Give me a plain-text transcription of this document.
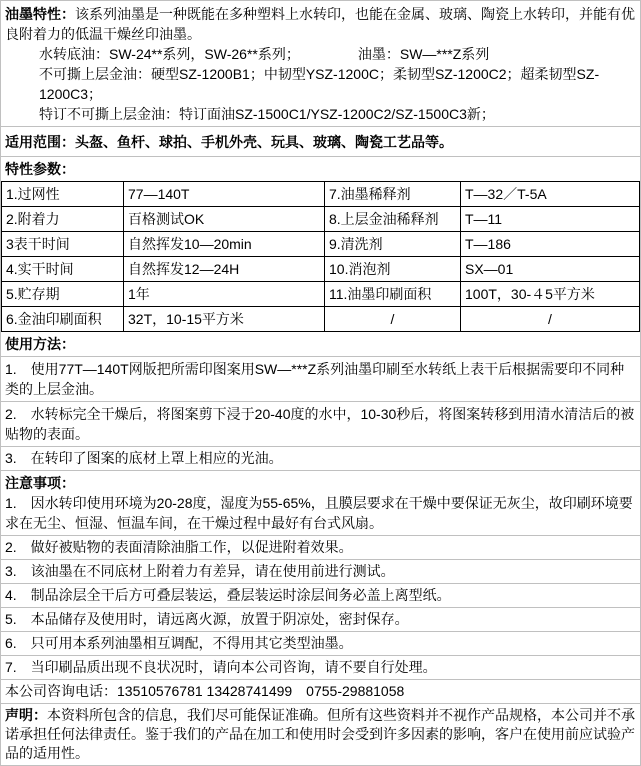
油墨特性：该系列油墨是一种既能在多种塑料上水转印，也能在金属、玻璃、陶瓷上水转印，并能有优良附着力的低温干燥丝印油墨。
水转底油：SW-24**系列，SW-26**系列；	油墨：SW—***Z系列
不可撕上层金油：硬型SZ-1200B1；中韧型YSZ-1200C；柔韧型SZ-1200C2；超柔韧型SZ-1200C3；
特订不可撕上层金油：特订面油SZ-1500C1/YSZ-1200C2/SZ-1500C3新；
适用范围：头盔、鱼杆、球拍、手机外壳、玩具、玻璃、陶瓷工艺品等。
特性参数：
1.过网性	77—140T	7.油墨稀释剂	T—32／T-5A
2.附着力	百格测试OK	8.上层金油稀释剂	T—11
3表干时间	自然挥发10—20min	9.清洗剂	T—186
4.实干时间	自然挥发12—24H	10.消泡剂	SX—01
5.贮存期	1年	11.油墨印刷面积	100T，30-４5平方米
6.金油印刷面积	32T，10-15平方米	/	/
使用方法：
1.　使用77T—140T网版把所需印图案用SW—***Z系列油墨印刷至水转纸上表干后根据需要印不同种类的上层金油。
2.　水转标完全干燥后，将图案剪下浸于20-40度的水中，10-30秒后，将图案转移到用清水清洁后的被贴物的表面。
3.　在转印了图案的底材上罩上相应的光油。
注意事项：
1.　因水转印使用环境为20-28度，湿度为55-65%，且膜层要求在干燥中要保证无灰尘，故印刷环境要求在无尘、恒湿、恒温车间，在干燥过程中最好有台式风扇。
2.　做好被贴物的表面清除油脂工作，以促进附着效果。
3.　该油墨在不同底材上附着力有差异，请在使用前进行测试。
4.　制品涂层全干后方可叠层装运，叠层装运时涂层间务必盖上离型纸。
5.　本品储存及使用时，请远离火源，放置于阴凉处，密封保存。
6.　只可用本系列油墨相互调配，不得用其它类型油墨。
7.　当印刷品质出现不良状况时，请向本公司咨询，请不要自行处理。
本公司咨询电话：13510576781 13428741499　0755-29881058
声明：本资料所包含的信息，我们尽可能保证准确。但所有这些资料并不视作产品规格，本公司并不承诺承担任何法律责任。鉴于我们的产品在加工和使用时会受到许多因素的影响，客户在使用前应试验产品的适用性。
